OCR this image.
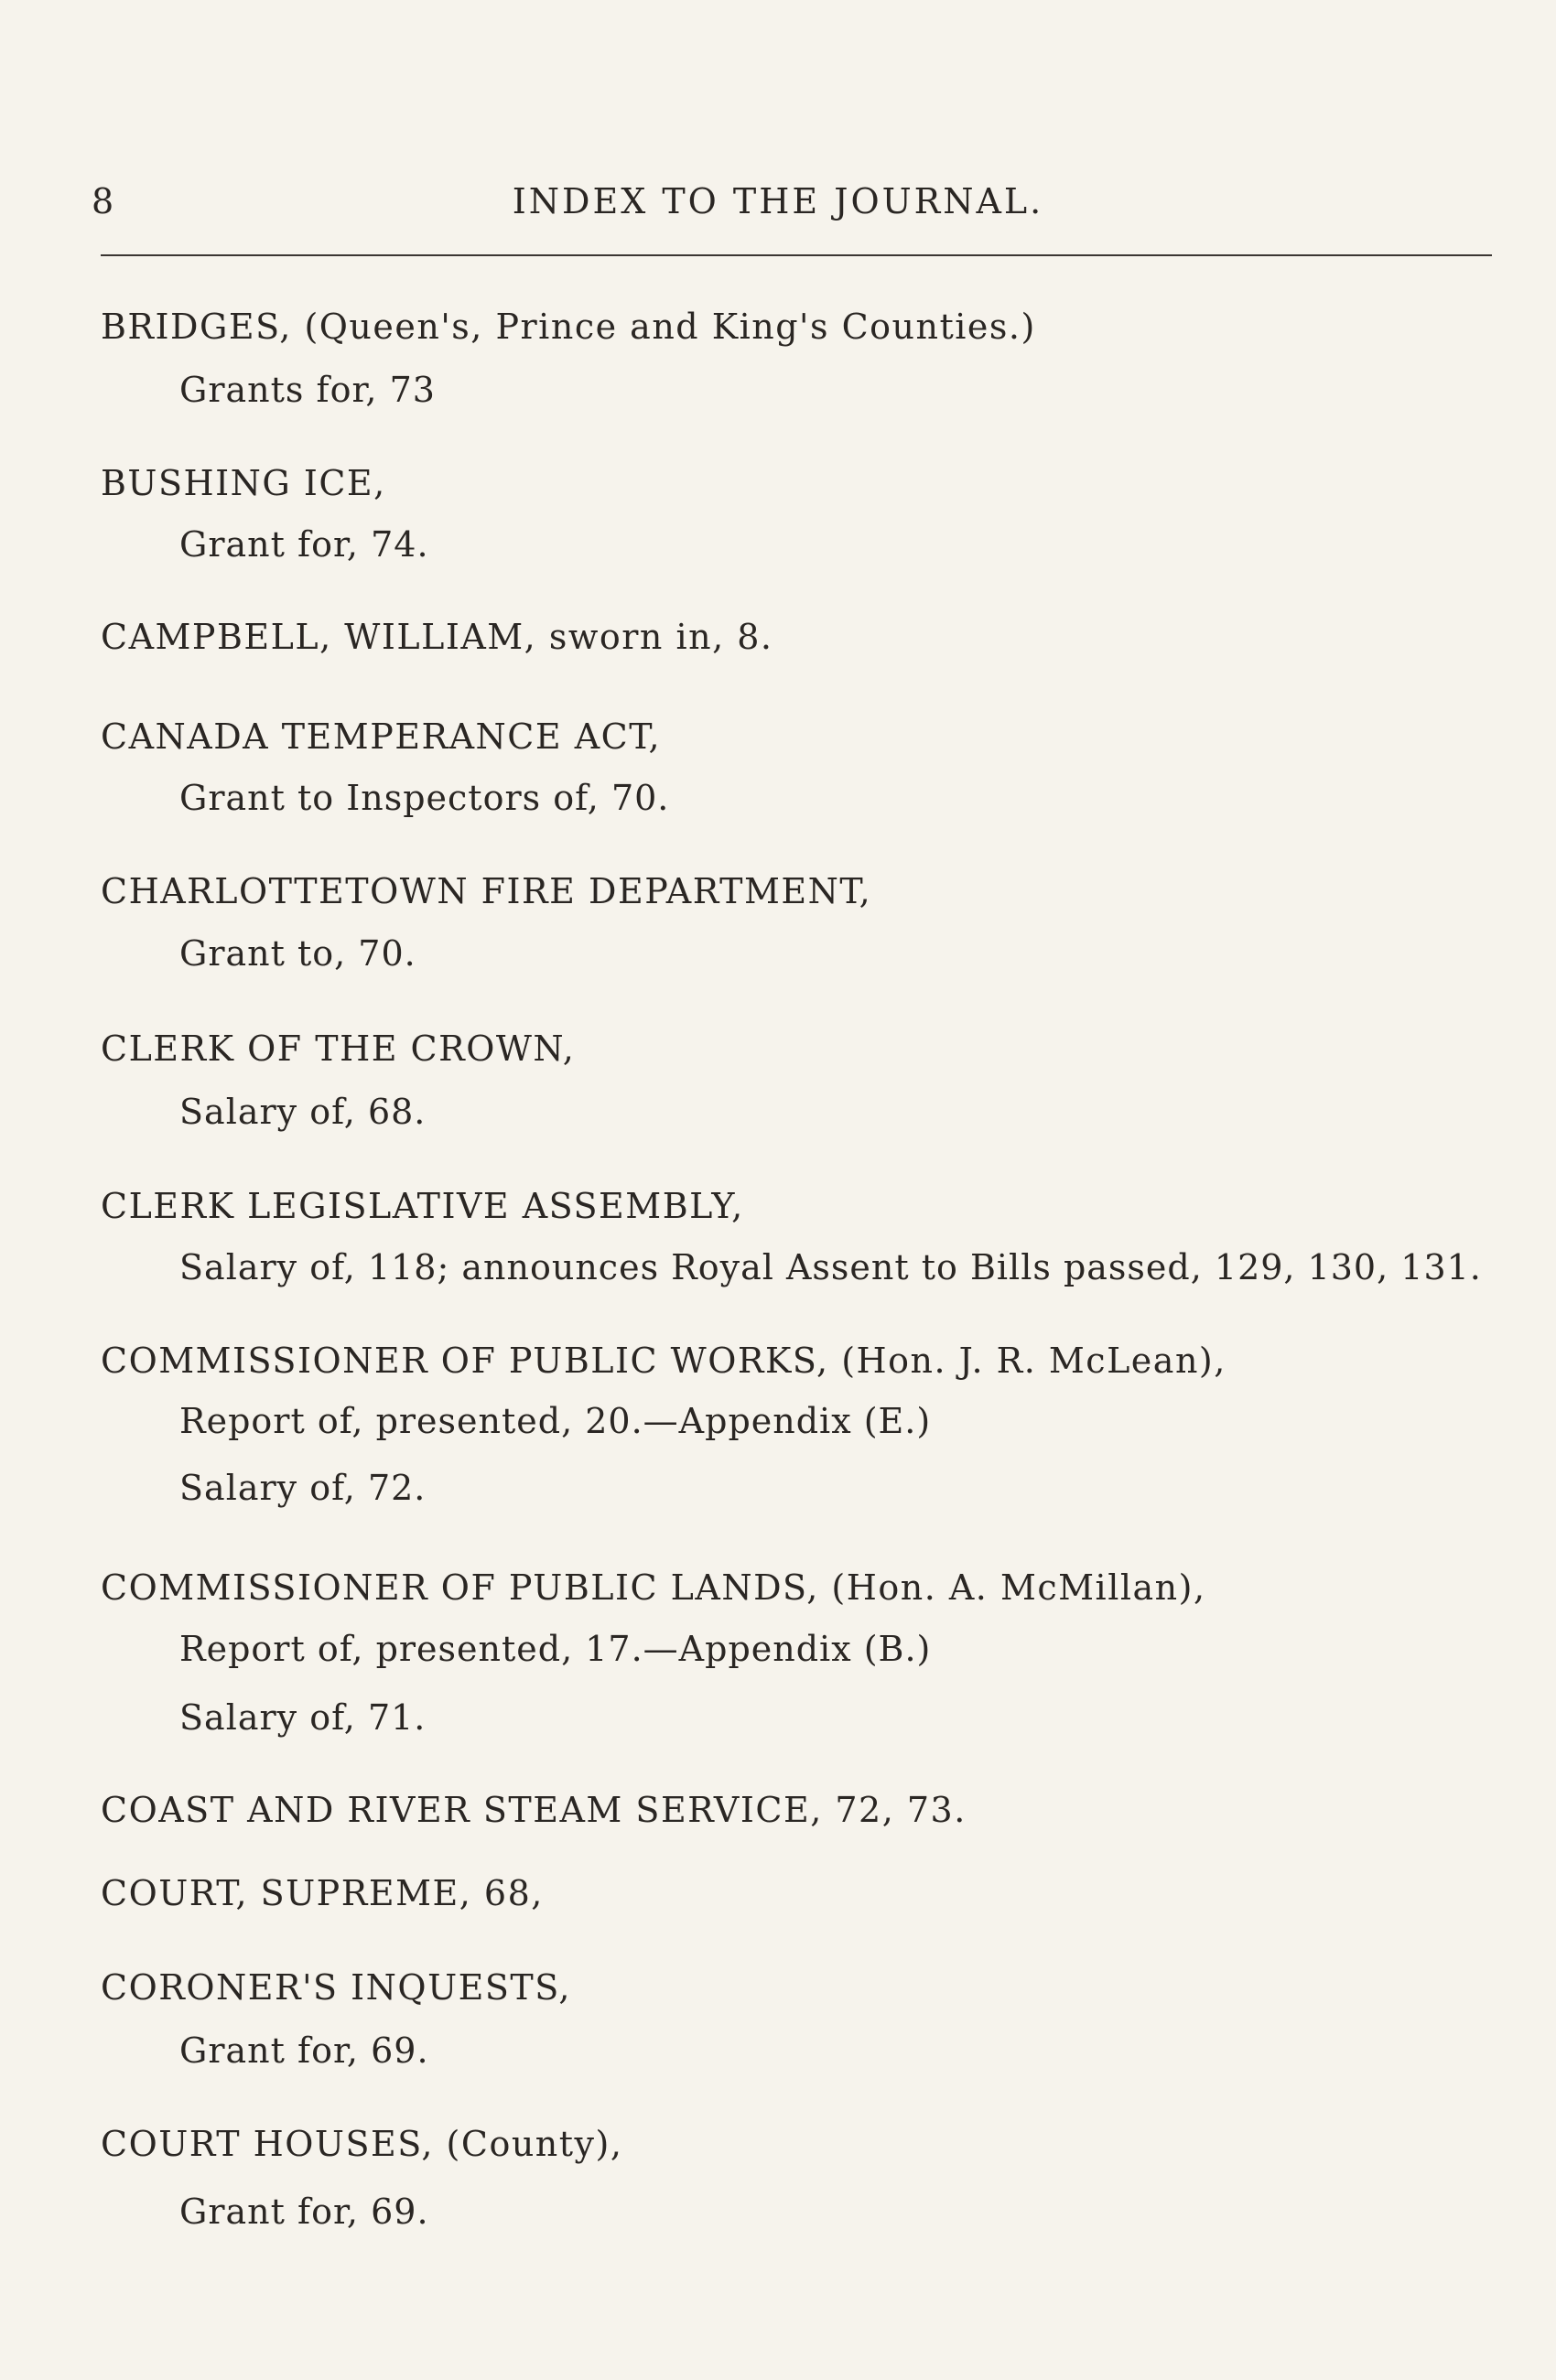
8	INDEX TO THE JOURNAL.
BRIDGES, (Queen's, Prince and King's Counties.)
Grants for, 73
BUSHING ICE,
Grant for, 74.
CAMPBELL, WILLIAM, sworn in, 8.
CANADA TEMPERANCE ACT,
Grant to Inspectors of, 70.
CHARLOTTETOWN FIRE DEPARTMENT,
Grant to, 70.
CLERK OF THE CROWN,
Salary of, 68.
CLERK LEGISLATIVE ASSEMBLY,
Salary of, 118; announces Royal Assent to Bills passed, 129, 130, 131.
COMMISSIONER OF PUBLIC WORKS, (Hon. J. R. McLean),
Report of, presented, 20.—Appendix (E.)
Salary of, 72.
COMMISSIONER OF PUBLIC LANDS, (Hon. A. McMillan),
Report of, presented, 17.—Appendix (B.)
Salary of, 71.
COAST AND RIVER STEAM SERVICE, 72, 73.
COURT, SUPREME, 68,
CORONER'S INQUESTS,
Grant for, 69.
COURT HOUSES, (County),
Grant for, 69.
